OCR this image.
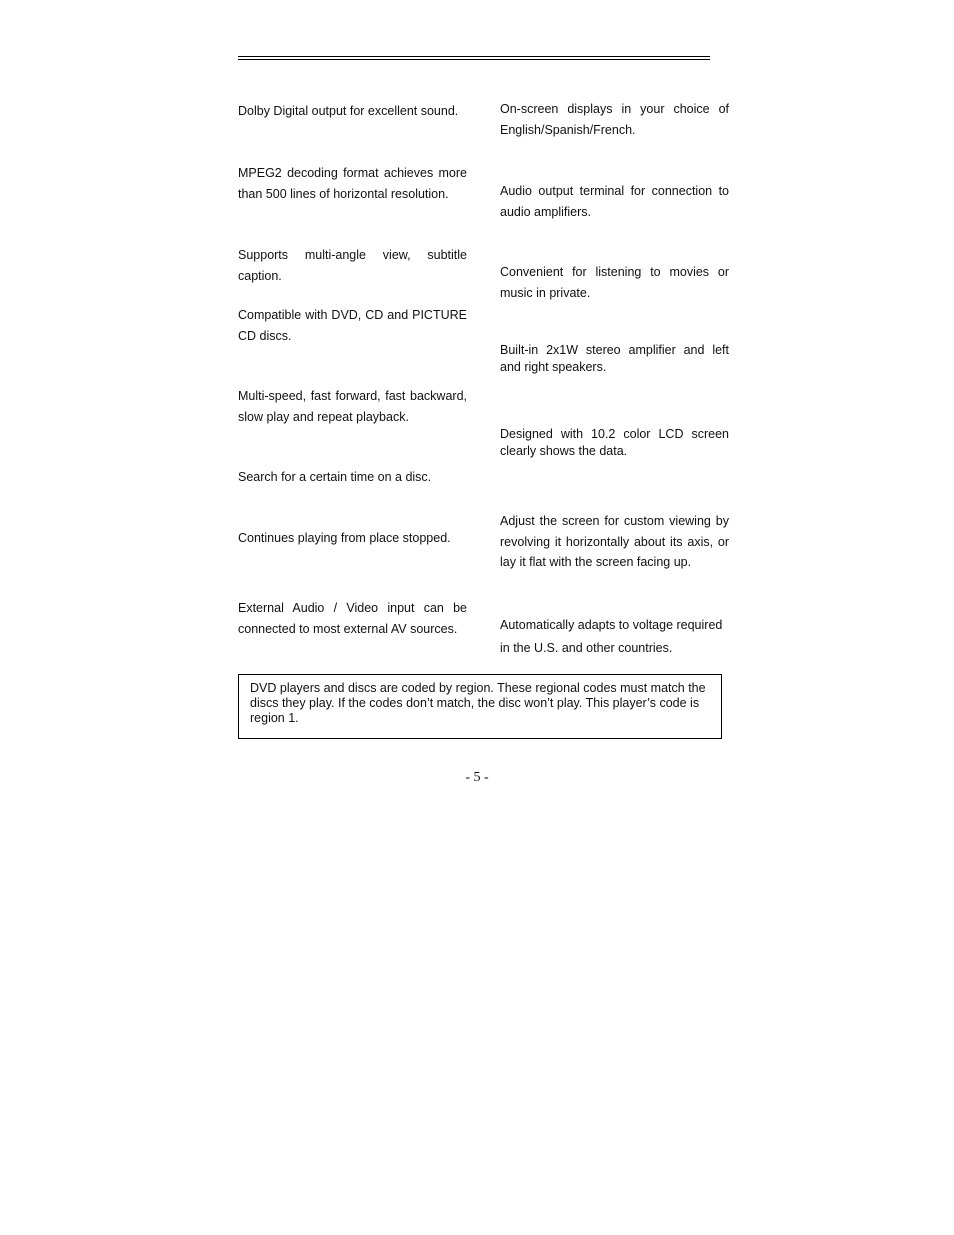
Dolby Digital output for excellent sound.

MPEG2 decoding format achieves more than 500 lines of horizontal resolution.

Supports multi-angle view, subtitle caption.

Compatible with DVD, CD and PICTURE CD discs.

Multi-speed, fast forward, fast backward, slow play and repeat playback.

Search for a certain time on a disc.

Continues playing from place stopped.

External Audio / Video input can be connected to most external AV sources.

On-screen displays in your choice of English/Spanish/French.

Audio output terminal for connection to audio amplifiers.

Convenient for listening to movies or music in private.

Built-in 2x1W stereo amplifier and left and right speakers.

Designed with 10.2 color LCD screen clearly shows the data.

Adjust the screen for custom viewing by revolving it horizontally about its axis, or lay it flat with the screen facing up.

Automatically adapts to voltage required in the U.S. and other countries.

DVD players and discs are coded by region. These regional codes must match the discs they play. If the codes don’t match, the disc won’t play. This player’s code is region 1.
- 5 -
